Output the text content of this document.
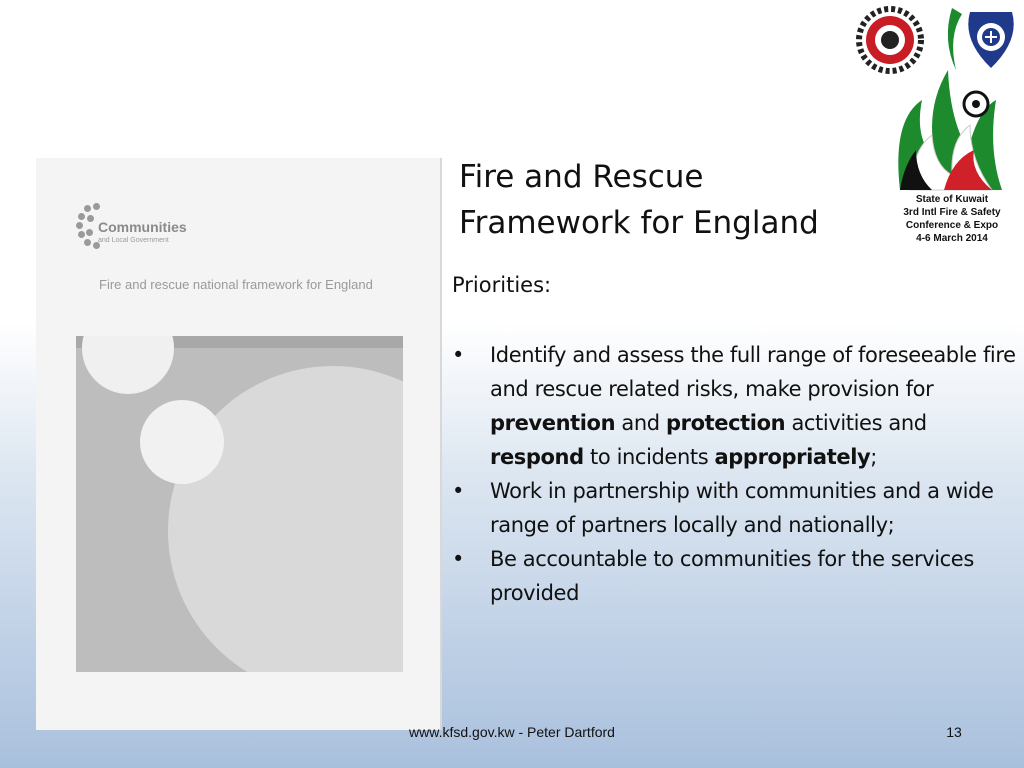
Communities
and Local Government
Fire and rescue national framework for England
Fire and Rescue
Framework for England

Priorities:

•	Identify and assess the full range of foreseeable fire and rescue related risks, make provision for prevention and protection activities and respond to incidents appropriately;
•	Work in partnership with communities and a wide range of partners locally and nationally;
•	Be accountable to communities for the services provided
State of Kuwait
3rd Intl Fire & Safety
Conference & Expo
4-6 March 2014
www.kfsd.gov.kw - Peter Dartford	13
